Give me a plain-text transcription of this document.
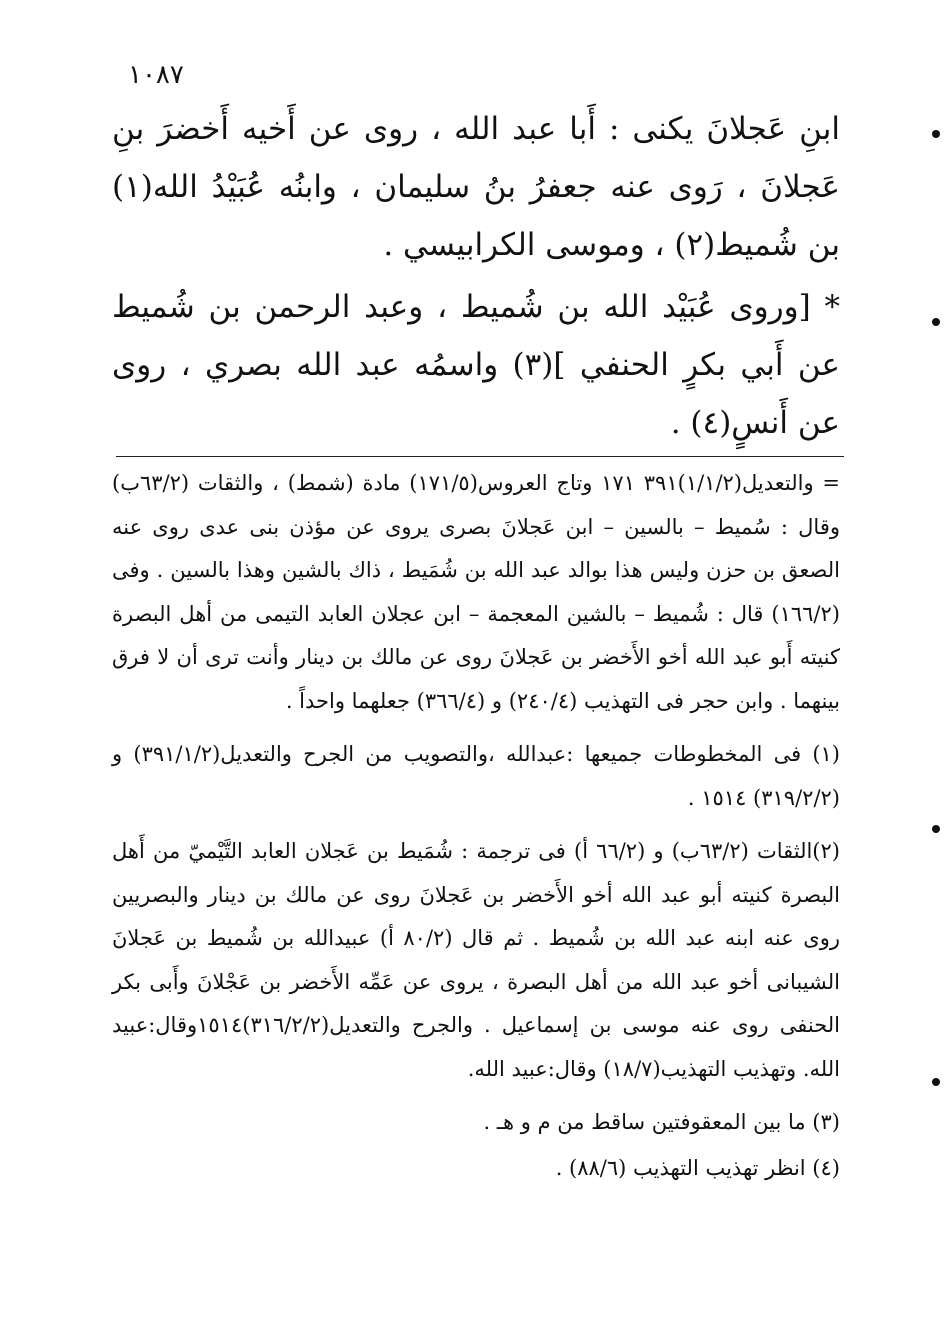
١٠٨٧

ابنِ عَجلانَ يكنى : أَبا عبد الله ، روى عن أَخيه أَخضرَ بنِ عَجلانَ ، رَوى عنه جعفرُ بنُ سليمان ، وابنُه عُبَيْدُ الله(١) بن شُميط(٢) ، وموسى الكرابيسي .

* [وروى عُبَيْد الله بن شُميط ، وعبد الرحمن بن شُميط عن أَبي بكرٍ الحنفي ](٣) واسمُه عبد الله بصري ، روى عن أَنسٍ(٤) .

= والتعديل(١/١/٢)٣٩١ ١٧١ وتاج العروس(١٧١/٥) مادة (شمط) ، والثقات (٦٣/٢ب) وقال : سُميط – بالسين – ابن عَجلانَ بصرى يروى عن مؤذن بنى عدى روى عنه الصعق بن حزن وليس هذا بوالد عبد الله بن شُمَيط ، ذاك بالشين وهذا بالسين . وفى (١٦٦/٢) قال : شُميط – بالشين المعجمة – ابن عجلان العابد التيمى من أهل البصرة كنيته أَبو عبد الله أخو الأَخضر بن عَجلانَ روى عن مالك بن دينار وأنت ترى أن لا فرق بينهما . وابن حجر فى التهذيب (٢٤٠/٤) و (٣٦٦/٤) جعلهما واحداً .

(١) فى المخطوطات جميعها :عبدالله ،والتصويب من الجرح والتعديل(٣٩١/١/٢) و (٣١٩/٢/٢) ١٥١٤ .

(٢)الثقات (٦٣/٢ب) و (٦٦/٢ أ) فى ترجمة : شُمَيط بن عَجلان العابد التَّيْميّ من أَهل البصرة كنيته أبو عبد الله أخو الأَخضر بن عَجلانَ روى عن مالك بن دينار والبصريين روى عنه ابنه عبد الله بن شُميط . ثم قال (٨٠/٢ أ) عبيدالله بن شُميط بن عَجلانَ الشيبانى أخو عبد الله من أهل البصرة ، يروى عن عَمِّه الأَخضر بن عَجْلانَ وأَبى بكر الحنفى روى عنه موسى بن إسماعيل . والجرح والتعديل(٣١٦/٢/٢)١٥١٤وقال:عبيد الله. وتهذيب التهذيب(١٨/٧) وقال:عبيد الله.

(٣) ما بين المعقوفتين ساقط من م و هـ .

(٤) انظر تهذيب التهذيب (٨٨/٦) .
